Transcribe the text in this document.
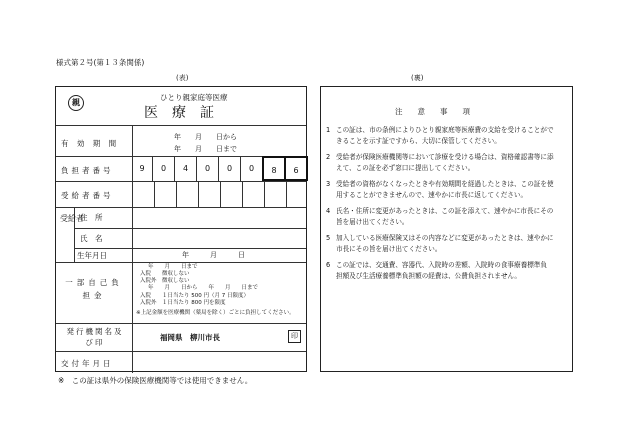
様式第２号(第１３条関係)
(表)	(裏)
親
ひとり親家庭等医療
医　療　証
有 効 期 間
年　　月　　日から
年　　月　　日まで
負担者番号	9	0	4	0	0	0	8	6
受給者番号
受給者
住　所
氏　名
生年月日	年　　　月　　　日
一部自己負担金
年　　月　　日まで
入院　　徴収しない
入院外　徴収しない
年　　月　　日から　　年　　月　　日まで
入院　　１日当たり 500 円（月 7 日限度）
入院外　１日当たり 800 円を限度
※上記金額を医療機関（薬局を除く）ごとに負担してください。
発行機関名及び印
福岡県　柳川市長	印
交付年月日
※　この証は県外の保険医療機関等では使用できません。
注　　意　　事　　項
1 この証は、市の条例によりひとり親家庭等医療費の支給を受けることがで
きることを示す証ですから、大切に保管してください。
2 受給者が保険医療機関等において診療を受ける場合は、資格確認書等に添
えて、この証を必ず窓口に提出してください。
3 受給者の資格がなくなったときや有効期間を経過したときは、この証を使
用することができませんので、速やかに市長に返してください。
4 氏名・住所に変更があったときは、この証を添えて、速やかに市長にその
旨を届け出てください。
5 加入している医療保険又はその内容などに変更があったときは、速やかに
市長にその旨を届け出てください。
6 この証では、交通費、容器代、入院時の差額、入院時の食事療養標準負
担額及び生活療養標準負担額の経費は、公費負担されません。
